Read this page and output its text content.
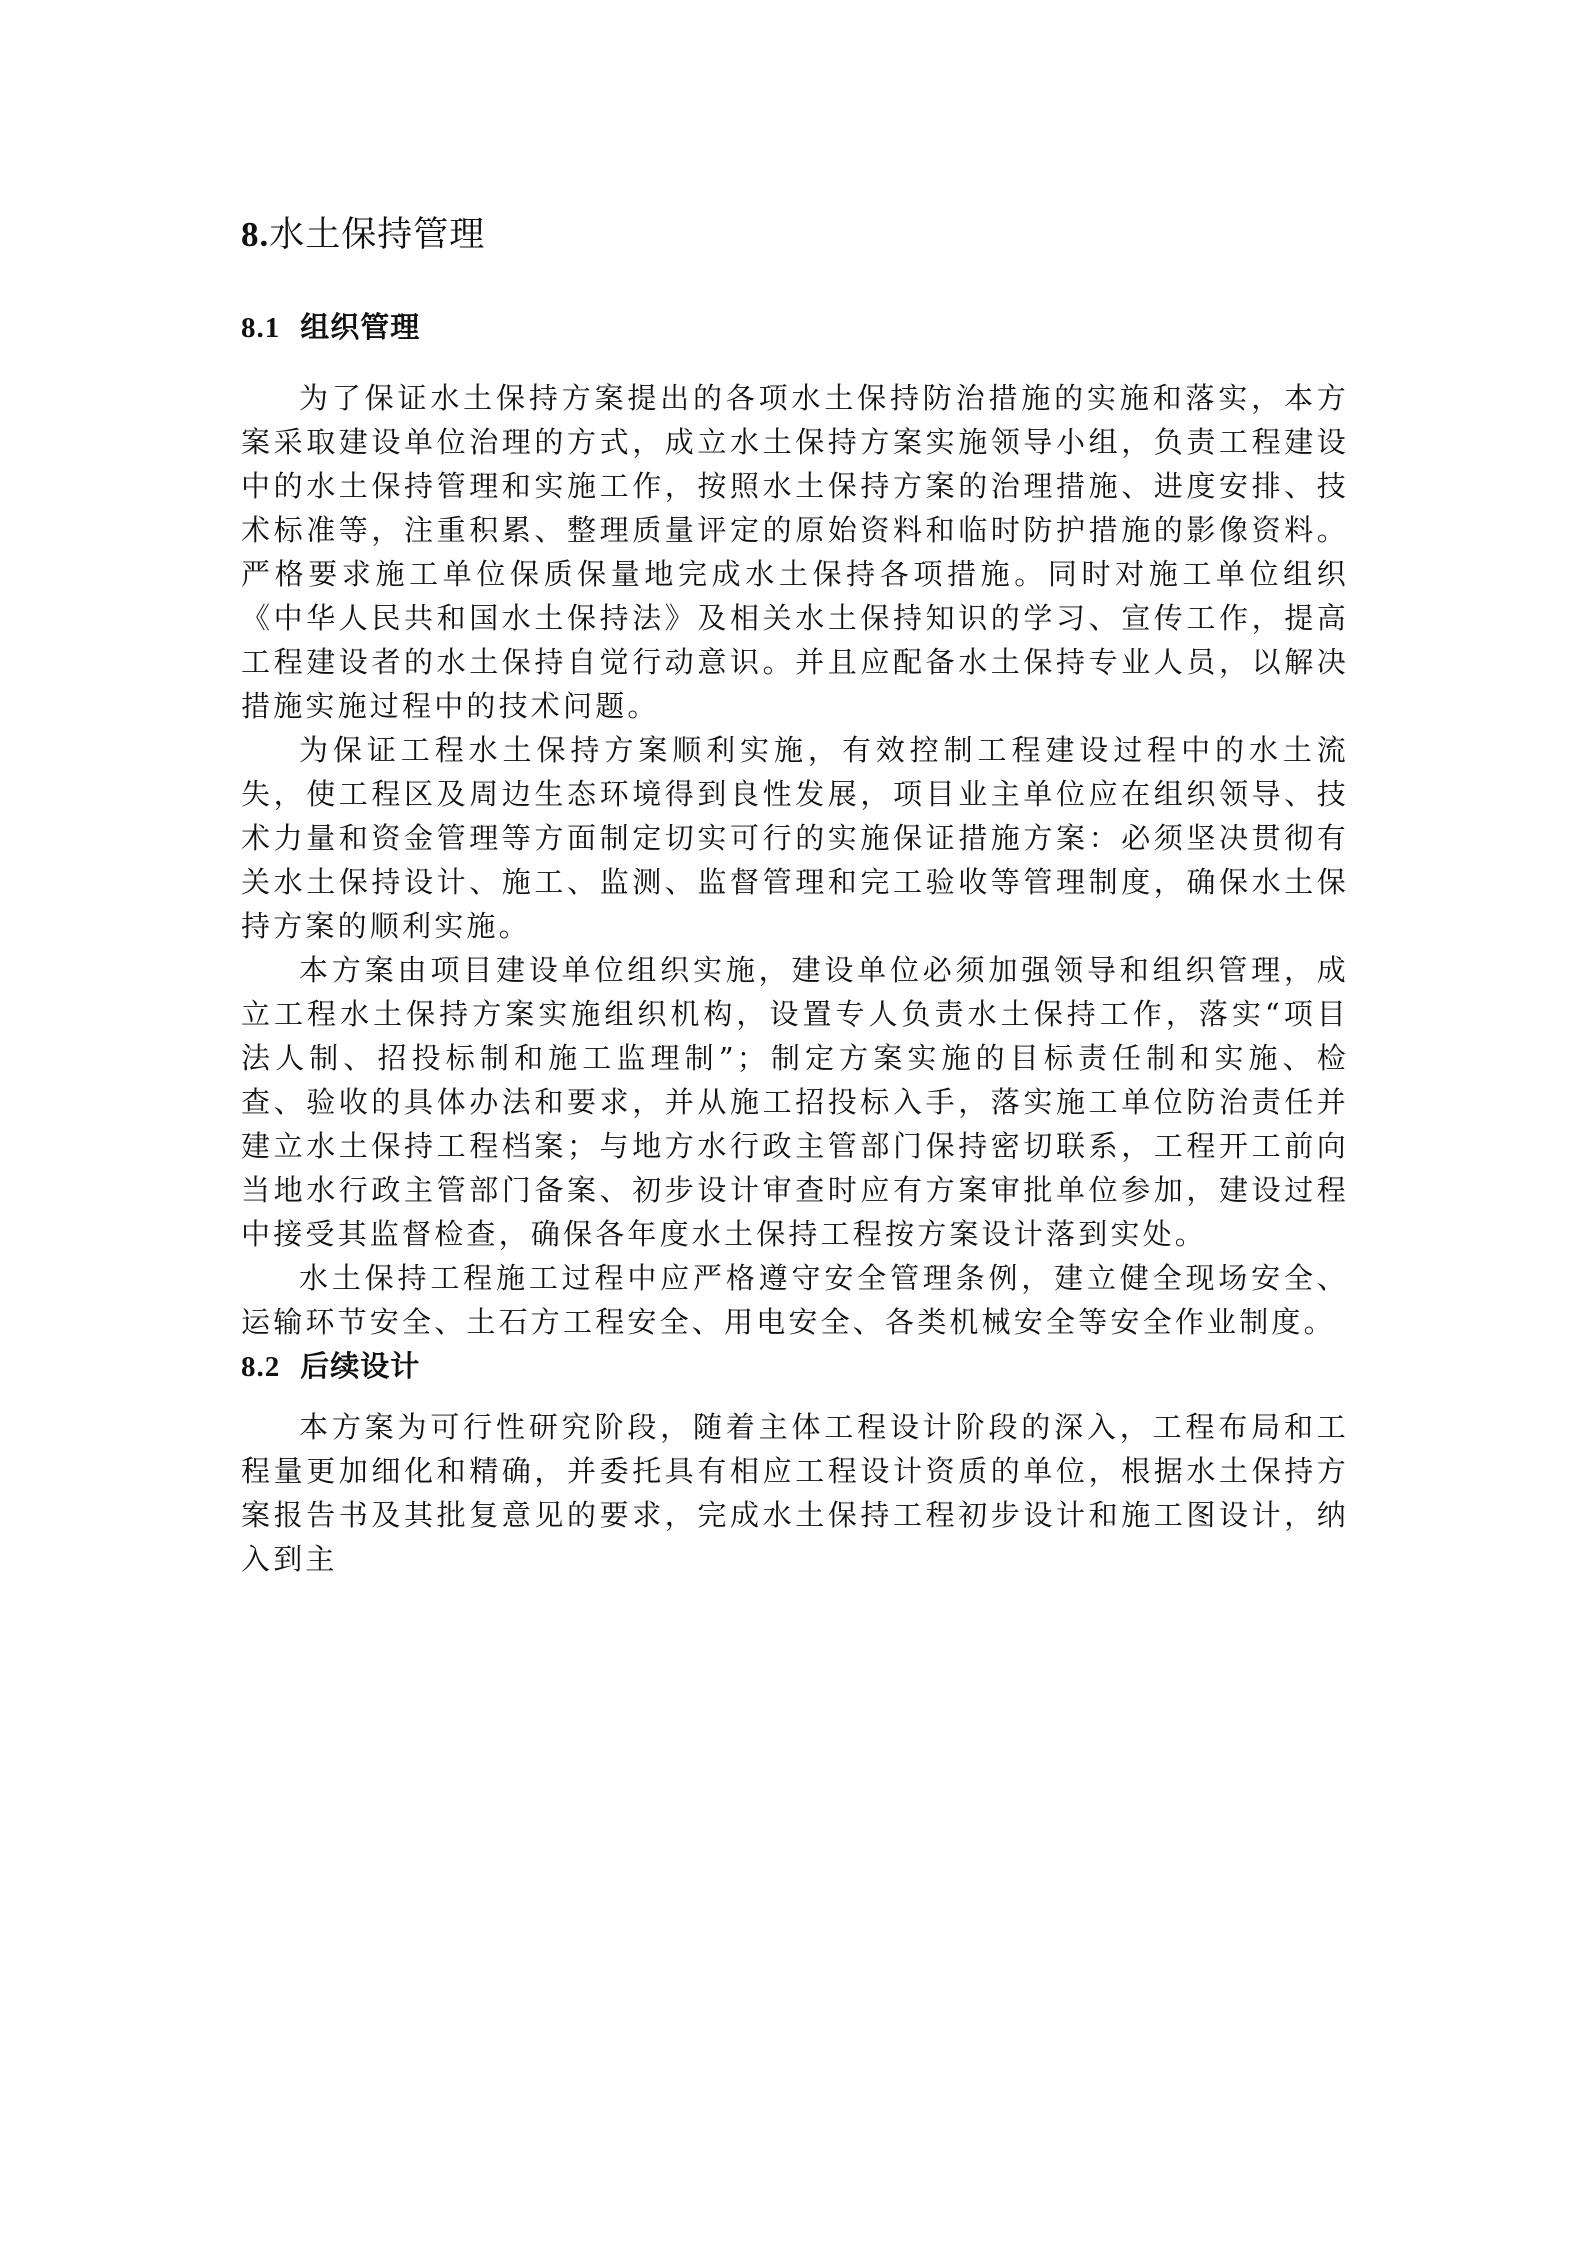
8.水土保持管理
8.1 组织管理

为了保证水土保持方案提出的各项水土保持防治措施的实施和落实，本方案采取建设单位治理的方式，成立水土保持方案实施领导小组，负责工程建设中的水土保持管理和实施工作，按照水土保持方案的治理措施、进度安排、技术标准等，注重积累、整理质量评定的原始资料和临时防护措施的影像资料。严格要求施工单位保质保量地完成水土保持各项措施。同时对施工单位组织《中华人民共和国水土保持法》及相关水土保持知识的学习、宣传工作，提高工程建设者的水土保持自觉行动意识。并且应配备水土保持专业人员，以解决措施实施过程中的技术问题。

为保证工程水土保持方案顺利实施，有效控制工程建设过程中的水土流失，使工程区及周边生态环境得到良性发展，项目业主单位应在组织领导、技术力量和资金管理等方面制定切实可行的实施保证措施方案：必须坚决贯彻有关水土保持设计、施工、监测、监督管理和完工验收等管理制度，确保水土保持方案的顺利实施。

本方案由项目建设单位组织实施，建设单位必须加强领导和组织管理，成立工程水土保持方案实施组织机构，设置专人负责水土保持工作，落实“项目法人制、招投标制和施工监理制”；制定方案实施的目标责任制和实施、检查、验收的具体办法和要求，并从施工招投标入手，落实施工单位防治责任并建立水土保持工程档案；与地方水行政主管部门保持密切联系，工程开工前向当地水行政主管部门备案、初步设计审查时应有方案审批单位参加，建设过程中接受其监督检查，确保各年度水土保持工程按方案设计落到实处。

水土保持工程施工过程中应严格遵守安全管理条例，建立健全现场安全、运输环节安全、土石方工程安全、用电安全、各类机械安全等安全作业制度。

8.2 后续设计

本方案为可行性研究阶段，随着主体工程设计阶段的深入，工程布局和工程量更加细化和精确，并委托具有相应工程设计资质的单位，根据水土保持方案报告书及其批复意见的要求，完成水土保持工程初步设计和施工图设计，纳入到主
